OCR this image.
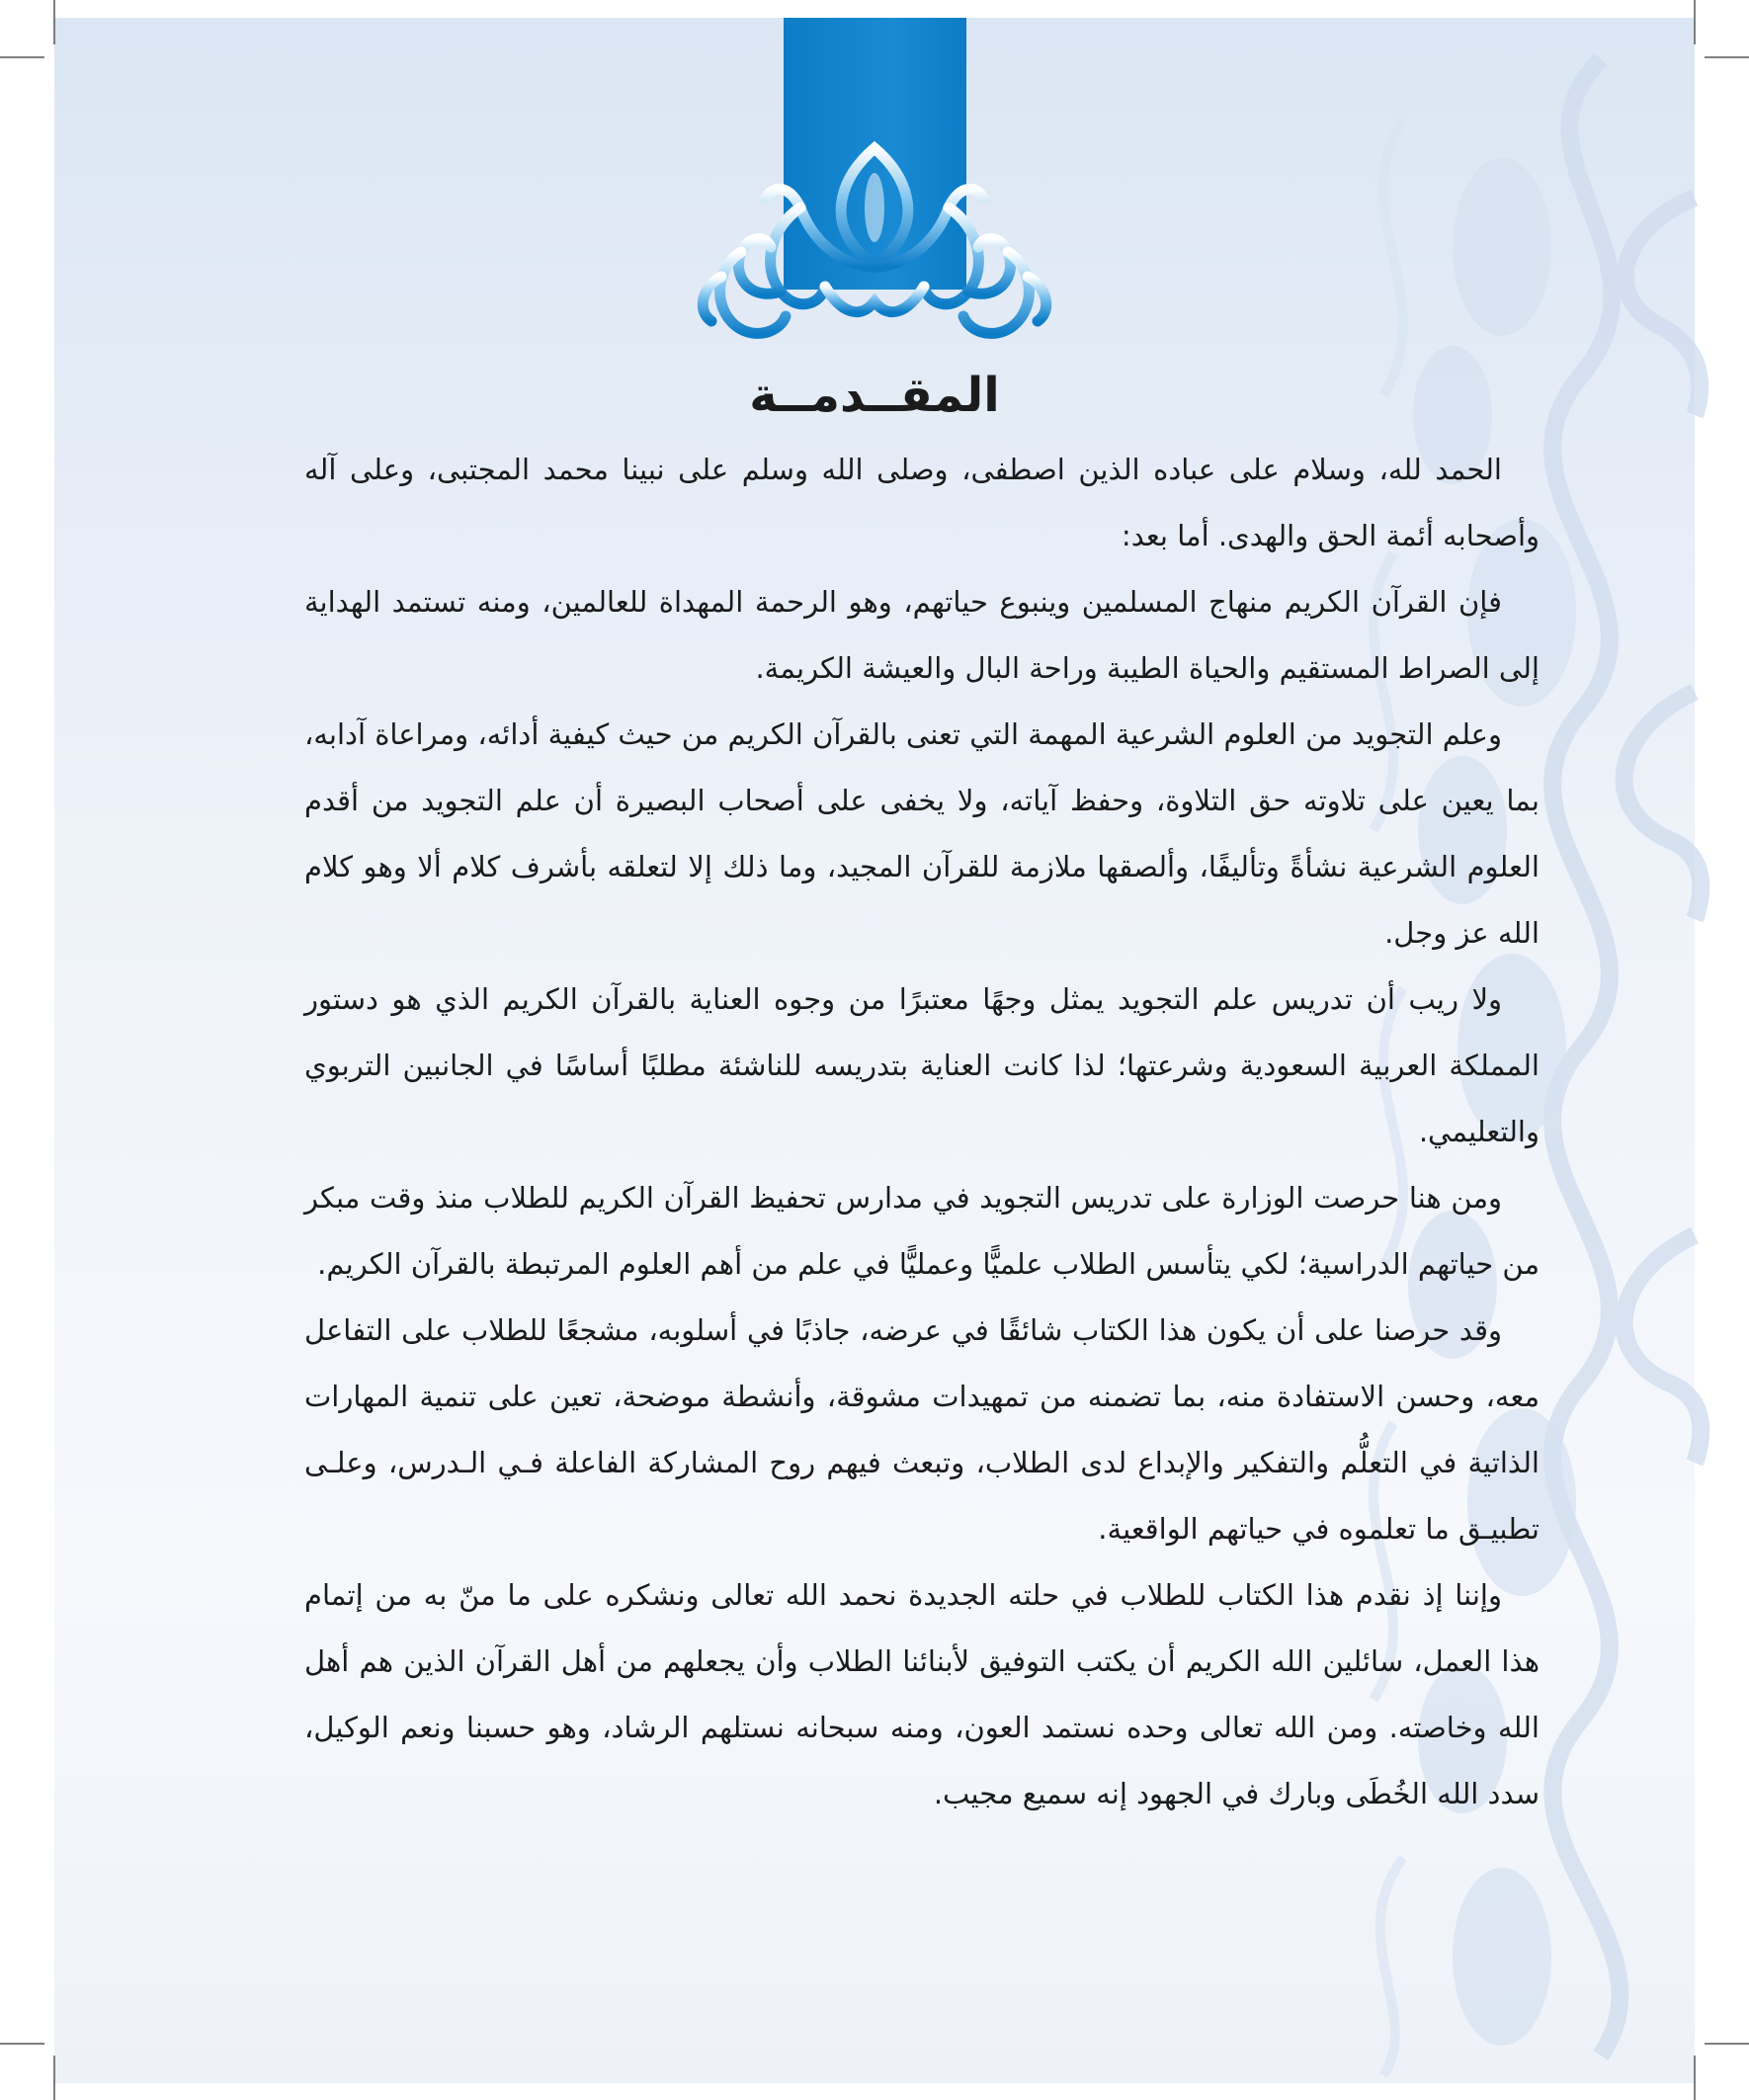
المقــدمــة

الحمد لله، وسلام على عباده الذين اصطفى، وصلى الله وسلم على نبينا محمد المجتبى، وعلى آله وأصحابه أئمة الحق والهدى. أما بعد:

فإن القرآن الكريم منهاج المسلمين وينبوع حياتهم، وهو الرحمة المهداة للعالمين، ومنه تستمد الهداية إلى الصراط المستقيم والحياة الطيبة وراحة البال والعيشة الكريمة.

وعلم التجويد من العلوم الشرعية المهمة التي تعنى بالقرآن الكريم من حيث كيفية أدائه، ومراعاة آدابه، بما يعين على تلاوته حق التلاوة، وحفظ آياته، ولا يخفى على أصحاب البصيرة أن علم التجويد من أقدم العلوم الشرعية نشأةً وتأليفًا، وألصقها ملازمة للقرآن المجيد، وما ذلك إلا لتعلقه بأشرف كلام ألا وهو كلام الله عز وجل.

ولا ريب أن تدريس علم التجويد يمثل وجهًا معتبرًا من وجوه العناية بالقرآن الكريم الذي هو دستور المملكة العربية السعودية وشرعتها؛ لذا كانت العناية بتدريسه للناشئة مطلبًا أساسًا في الجانبين التربوي والتعليمي.

ومن هنا حرصت الوزارة على تدريس التجويد في مدارس تحفيظ القرآن الكريم للطلاب منذ وقت مبكر من حياتهم الدراسية؛ لكي يتأسس الطلاب علميًّا وعمليًّا في علم من أهم العلوم المرتبطة بالقرآن الكريم.

وقد حرصنا على أن يكون هذا الكتاب شائقًا في عرضه، جاذبًا في أسلوبه، مشجعًا للطلاب على التفاعل معه، وحسن الاستفادة منه، بما تضمنه من تمهيدات مشوقة، وأنشطة موضحة، تعين على تنمية المهارات الذاتية في التعلُّم والتفكير والإبداع لدى الطلاب، وتبعث فيهم روح المشاركة الفاعلة فـي الـدرس، وعلـى تطبيـق ما تعلموه في حياتهم الواقعية.

وإننا إذ نقدم هذا الكتاب للطلاب في حلته الجديدة نحمد الله تعالى ونشكره على ما منّ به من إتمام هذا العمل، سائلين الله الكريم أن يكتب التوفيق لأبنائنا الطلاب وأن يجعلهم من أهل القرآن الذين هم أهل الله وخاصته. ومن الله تعالى وحده نستمد العون، ومنه سبحانه نستلهم الرشاد، وهو حسبنا ونعم الوكيل، سدد الله الخُطَى وبارك في الجهود إنه سميع مجيب.
